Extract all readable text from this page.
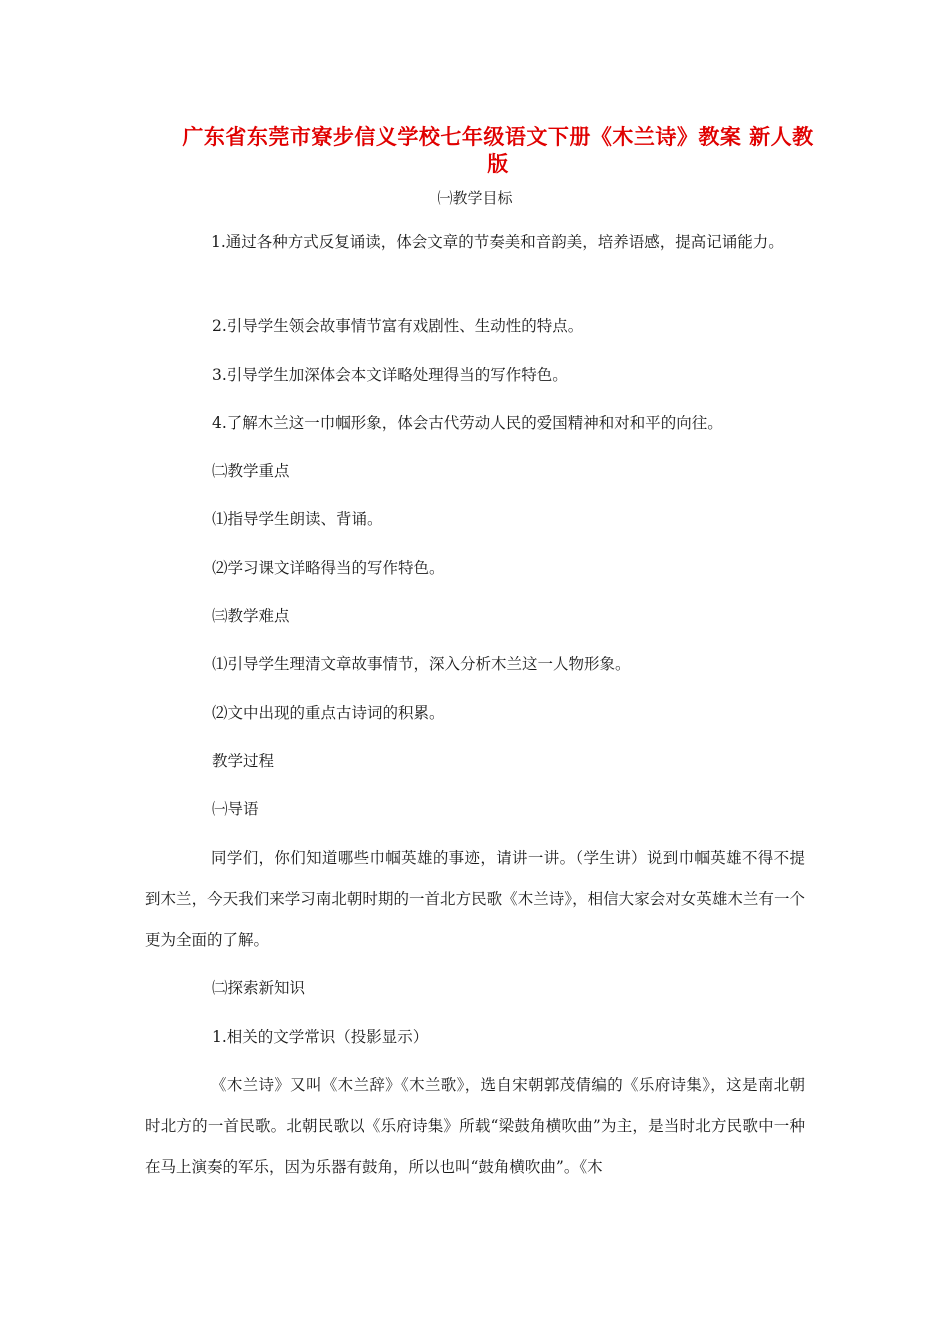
广东省东莞市寮步信义学校七年级语文下册《木兰诗》教案 新人教版
㈠教学目标

1.通过各种方式反复诵读，体会文章的节奏美和音韵美，培养语感，提高记诵能力。

2.引导学生领会故事情节富有戏剧性、生动性的特点。
3.引导学生加深体会本文详略处理得当的写作特色。
4.了解木兰这一巾帼形象，体会古代劳动人民的爱国精神和对和平的向往。
㈡教学重点
⑴指导学生朗读、背诵。
⑵学习课文详略得当的写作特色。
㈢教学难点
⑴引导学生理清文章故事情节，深入分析木兰这一人物形象。
⑵文中出现的重点古诗词的积累。
教学过程
㈠导语

同学们，你们知道哪些巾帼英雄的事迹，请讲一讲。（学生讲）说到巾帼英雄不得不提到木兰，今天我们来学习南北朝时期的一首北方民歌《木兰诗》，相信大家会对女英雄木兰有一个更为全面的了解。

㈡探索新知识
1.相关的文学常识（投影显示）

《木兰诗》又叫《木兰辞》《木兰歌》，选自宋朝郭茂倩编的《乐府诗集》，这是南北朝时北方的一首民歌。北朝民歌以《乐府诗集》所载“梁鼓角横吹曲”为主，是当时北方民歌中一种在马上演奏的军乐，因为乐器有鼓角，所以也叫“鼓角横吹曲”。《木
